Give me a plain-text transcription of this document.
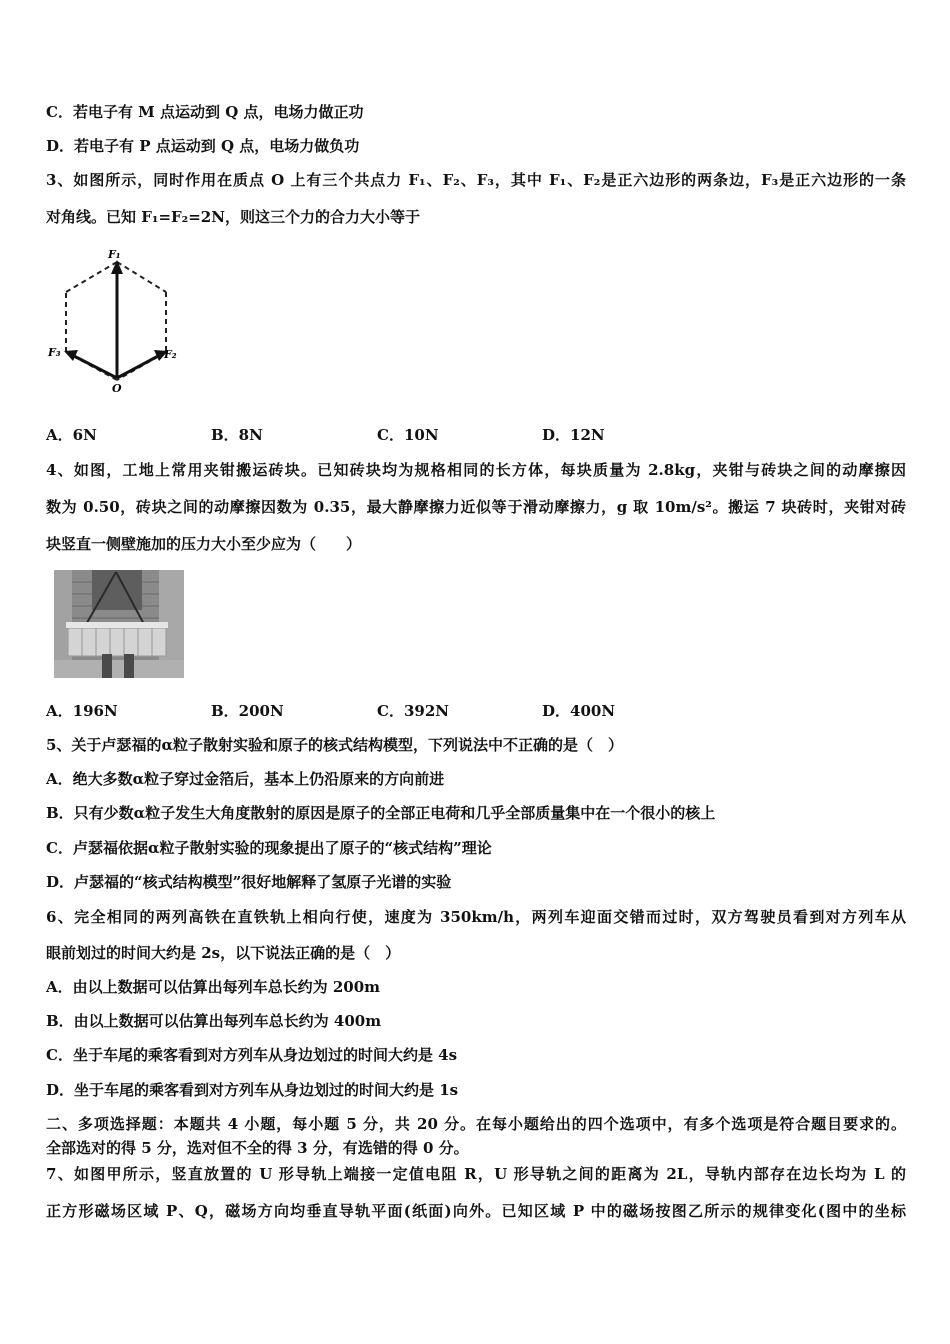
C．若电子有 M 点运动到 Q 点，电场力做正功
D．若电子有 P 点运动到 Q 点，电场力做负功
3、如图所示，同时作用在质点 O 上有三个共点力 F₁、F₂、F₃，其中 F₁、F₂是正六边形的两条边，F₃是正六边形的一条
对角线。已知 F₁=F₂=2N，则这三个力的合力大小等于
F₁
F₃	F₂
O
A．6N	B．8N	C．10N	D．12N
4、如图，工地上常用夹钳搬运砖块。已知砖块均为规格相同的长方体，每块质量为 2.8kg，夹钳与砖块之间的动摩擦因
数为 0.50，砖块之间的动摩擦因数为 0.35，最大静摩擦力近似等于滑动摩擦力，g 取 10m/s²。搬运 7 块砖时，夹钳对砖
块竖直一侧壁施加的压力大小至少应为（　　）
A．196N	B．200N	C．392N	D．400N
5、关于卢瑟福的α粒子散射实验和原子的核式结构模型，下列说法中不正确的是（　）
A．绝大多数α粒子穿过金箔后，基本上仍沿原来的方向前进
B．只有少数α粒子发生大角度散射的原因是原子的全部正电荷和几乎全部质量集中在一个很小的核上
C．卢瑟福依据α粒子散射实验的现象提出了原子的“核式结构”理论
D．卢瑟福的“核式结构模型”很好地解释了氢原子光谱的实验
6、完全相同的两列高铁在直铁轨上相向行使，速度为 350km/h，两列车迎面交错而过时，双方驾驶员看到对方列车从
眼前划过的时间大约是 2s，以下说法正确的是（　）
A．由以上数据可以估算出每列车总长约为 200m
B．由以上数据可以估算出每列车总长约为 400m
C．坐于车尾的乘客看到对方列车从身边划过的时间大约是 4s
D．坐于车尾的乘客看到对方列车从身边划过的时间大约是 1s
二、多项选择题：本题共 4 小题，每小题 5 分，共 20 分。在每小题给出的四个选项中，有多个选项是符合题目要求的。
全部选对的得 5 分，选对但不全的得 3 分，有选错的得 0 分。
7、如图甲所示，竖直放置的 U 形导轨上端接一定值电阻 R，U 形导轨之间的距离为 2L，导轨内部存在边长均为 L 的
正方形磁场区域 P、Q，磁场方向均垂直导轨平面(纸面)向外。已知区域 P 中的磁场按图乙所示的规律变化(图中的坐标
